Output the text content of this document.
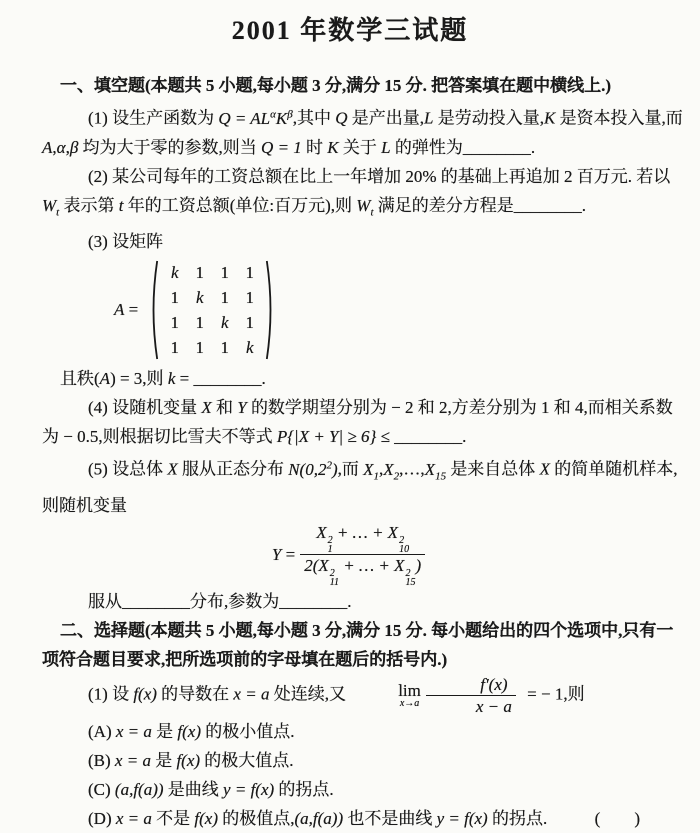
2001 年数学三试题

一、填空题(本题共 5 小题,每小题 3 分,满分 15 分. 把答案填在题中横线上.)

(1) 设生产函数为 $Q = AL^\alpha K^\beta$,其中 Q 是产出量,L 是劳动投入量,K 是资本投入量,而 A,α,β 均为大于零的参数,则当 Q = 1 时 K 关于 L 的弹性为________.

(2) 某公司每年的工资总额在比上一年增加 20% 的基础上再追加 2 百万元. 若以 $W_t$ 表示第 t 年的工资总额(单位:百万元),则 $W_t$ 满足的差分方程是________.

(3) 设矩阵

A =
k 1 1 1
1 k 1 1
1 1 k 1
1 1 1 k

且秩(A) = 3,则 k = ________.

(4) 设随机变量 X 和 Y 的数学期望分别为 − 2 和 2,方差分别为 1 和 4,而相关系数为 − 0.5,则根据切比雪夫不等式 P{|X + Y| ≥ 6} ≤ ________.

(5) 设总体 X 服从正态分布 $N(0,2^2)$,而 $X_1,X_2,\dots,X_{15}$ 是来自总体 X 的简单随机样本,则随机变量

Y = X 2
1
+ … + X 2
10
2(X 2
11
+ … + X 2
15
)

服从________分布,参数为________.

二、选择题(本题共 5 小题,每小题 3 分,满分 15 分. 每小题给出的四个选项中,只有一项符合题目要求,把所选项前的字母填在题后的括号内.)

(1) 设 f(x) 的导数在 x = a 处连续,又	lim
$x\to a \frac{f'(x)}{x - a}$ = − 1,则

(A) x = a 是 f(x) 的极小值点.

(B) x = a 是 f(x) 的极大值点.

(C) (a,f(a)) 是曲线 y = f(x) 的拐点.

(D) x = a 不是 f(x) 的极值点,(a,f(a)) 也不是曲线 y = f(x) 的拐点.	(　　)
